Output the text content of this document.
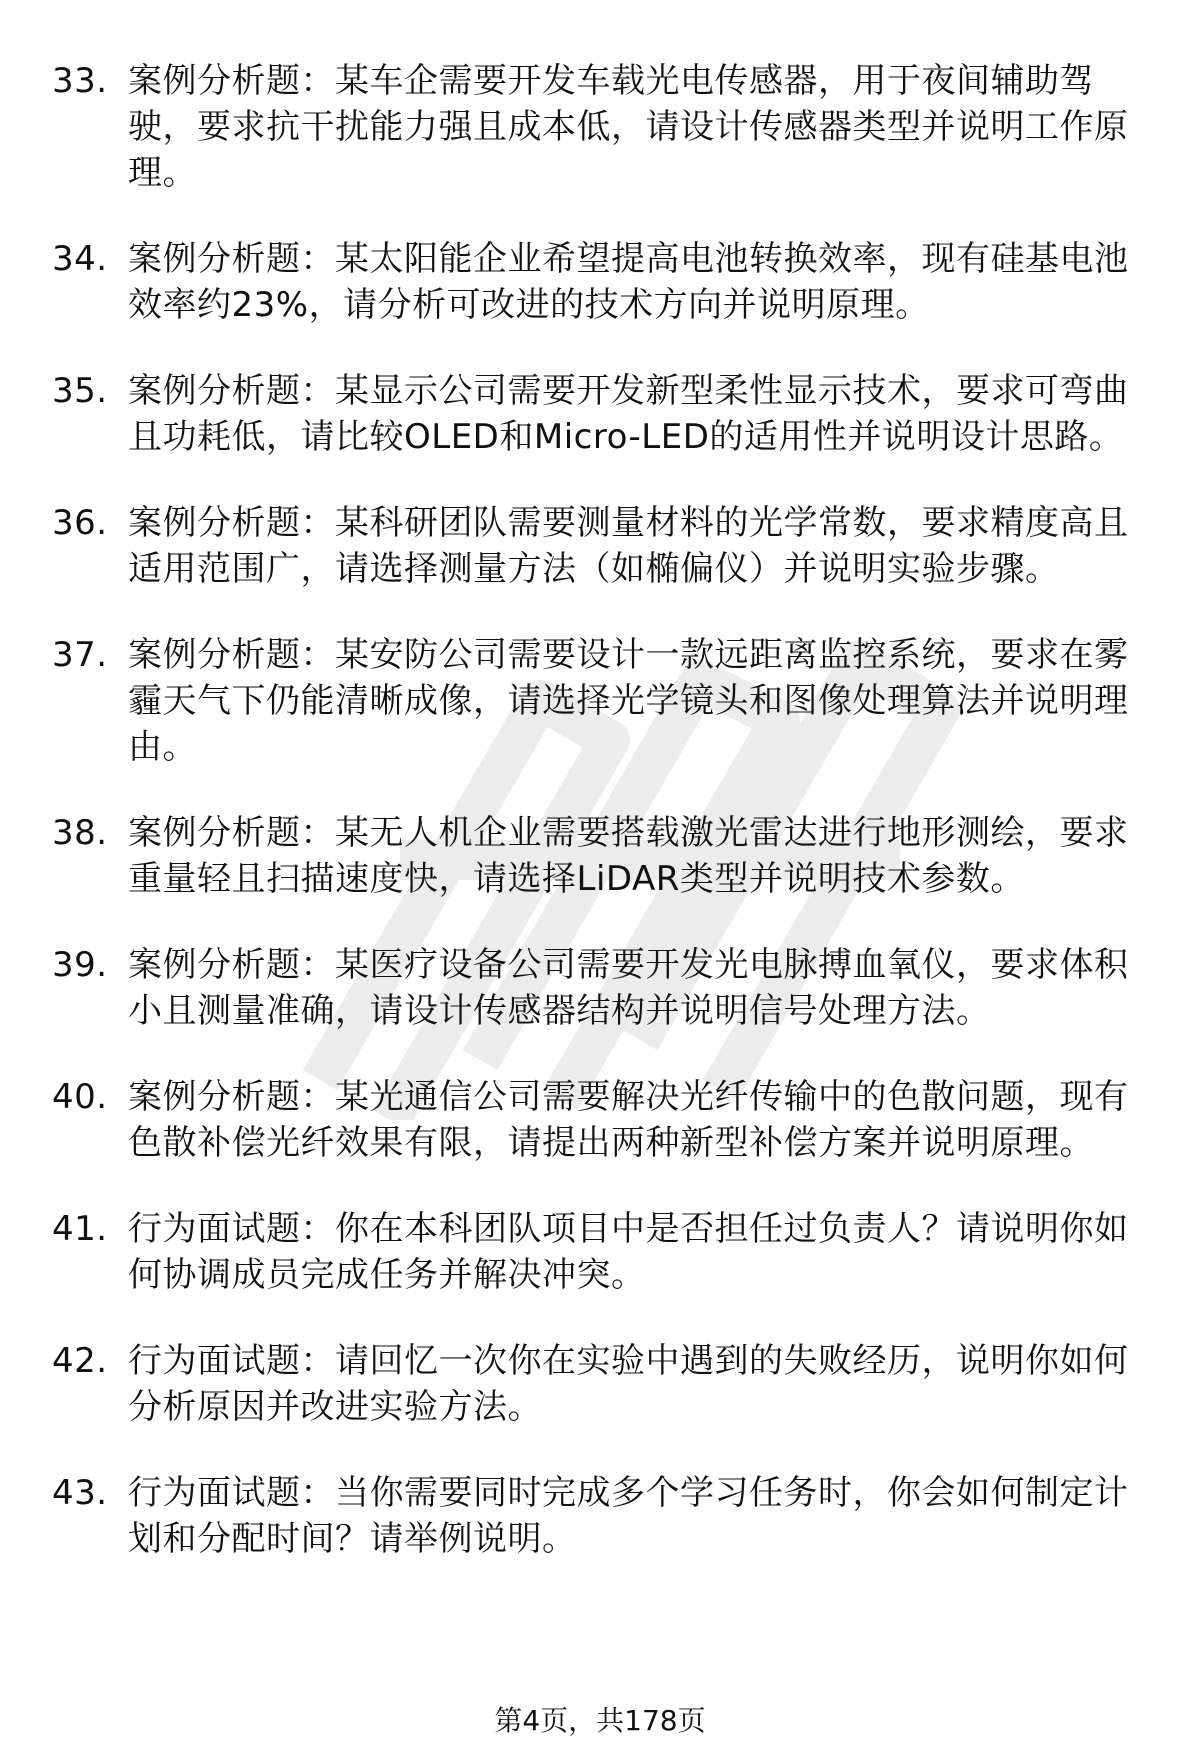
33. 案例分析题：某车企需要开发车载光电传感器，用于夜间辅助驾驶，要求抗干扰能力强且成本低，请设计传感器类型并说明工作原理。
34. 案例分析题：某太阳能企业希望提高电池转换效率，现有硅基电池效率约23%，请分析可改进的技术方向并说明原理。
35. 案例分析题：某显示公司需要开发新型柔性显示技术，要求可弯曲且功耗低，请比较OLED和Micro-LED的适用性并说明设计思路。
36. 案例分析题：某科研团队需要测量材料的光学常数，要求精度高且适用范围广，请选择测量方法（如椭偏仪）并说明实验步骤。
37. 案例分析题：某安防公司需要设计一款远距离监控系统，要求在雾霾天气下仍能清晰成像，请选择光学镜头和图像处理算法并说明理由。
38. 案例分析题：某无人机企业需要搭载激光雷达进行地形测绘，要求重量轻且扫描速度快，请选择LiDAR类型并说明技术参数。
39. 案例分析题：某医疗设备公司需要开发光电脉搏血氧仪，要求体积小且测量准确，请设计传感器结构并说明信号处理方法。
40. 案例分析题：某光通信公司需要解决光纤传输中的色散问题，现有色散补偿光纤效果有限，请提出两种新型补偿方案并说明原理。
41. 行为面试题：你在本科团队项目中是否担任过负责人？请说明你如何协调成员完成任务并解决冲突。
42. 行为面试题：请回忆一次你在实验中遇到的失败经历，说明你如何分析原因并改进实验方法。
43. 行为面试题：当你需要同时完成多个学习任务时，你会如何制定计划和分配时间？请举例说明。
第4页，共178页
